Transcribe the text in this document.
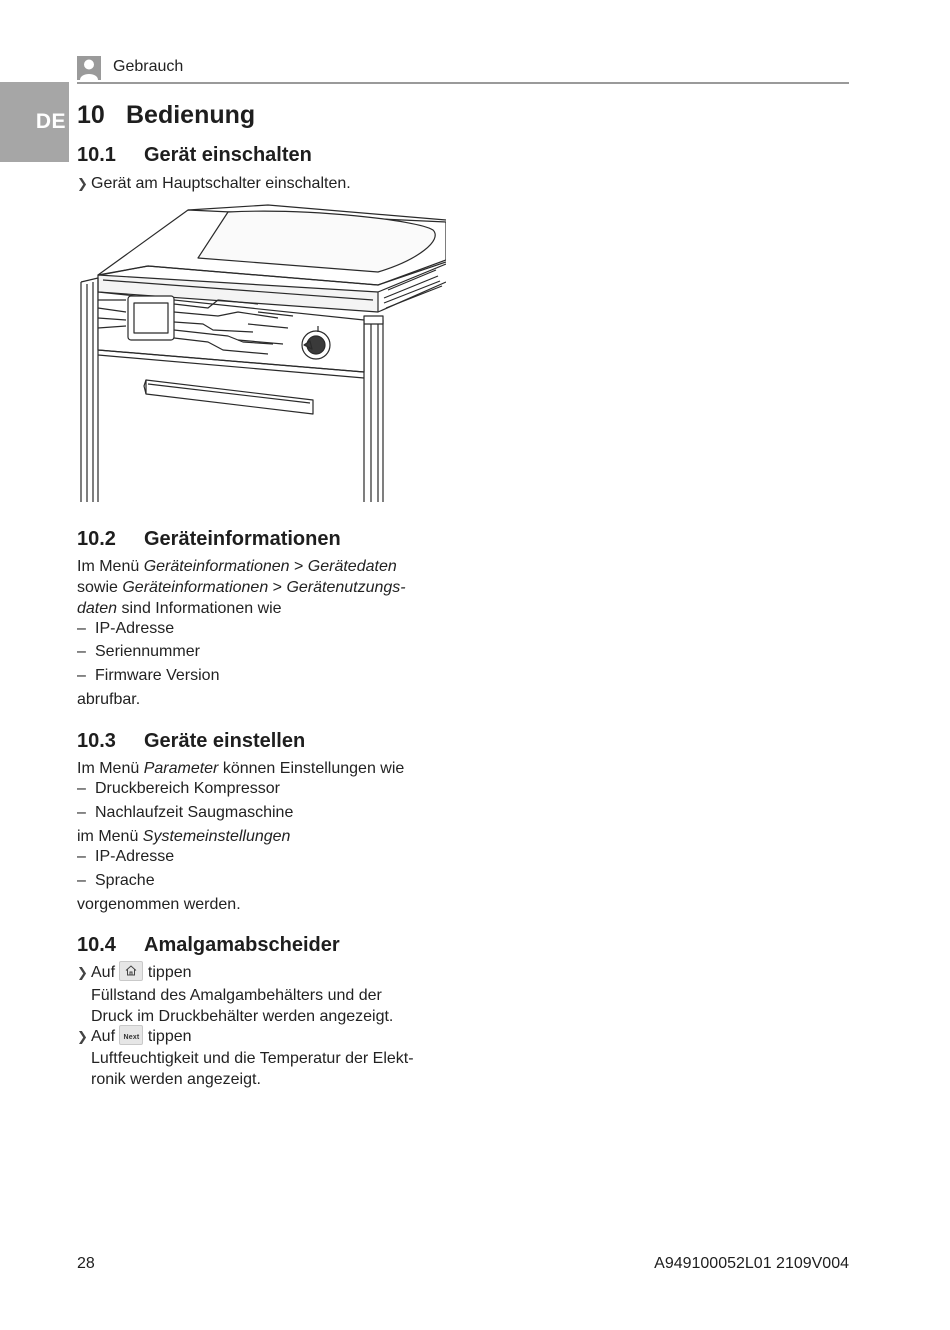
DE
Gebrauch
10 Bedienung
10.1 Gerät einschalten
❯ Gerät am Hauptschalter einschalten.
10.2 Geräteinformationen
Im Menü Geräteinformationen > Gerätedaten
sowie Geräteinformationen > Gerätenutzungs-
daten sind Informationen wie
– IP-Adresse
– Seriennummer
– Firmware Version
abrufbar.
10.3 Geräte einstellen
Im Menü Parameter können Einstellungen wie
– Druckbereich Kompressor
– Nachlaufzeit Saugmaschine
im Menü Systemeinstellungen
– IP-Adresse
– Sprache
vorgenommen werden.
10.4 Amalgamabscheider
❯ Auf tippen
Füllstand des Amalgambehälters und der
Druck im Druckbehälter werden angezeigt.
❯ Auf Next tippen
Luftfeuchtigkeit und die Temperatur der Elekt-
ronik werden angezeigt.
28	A949100052L01 2109V004
